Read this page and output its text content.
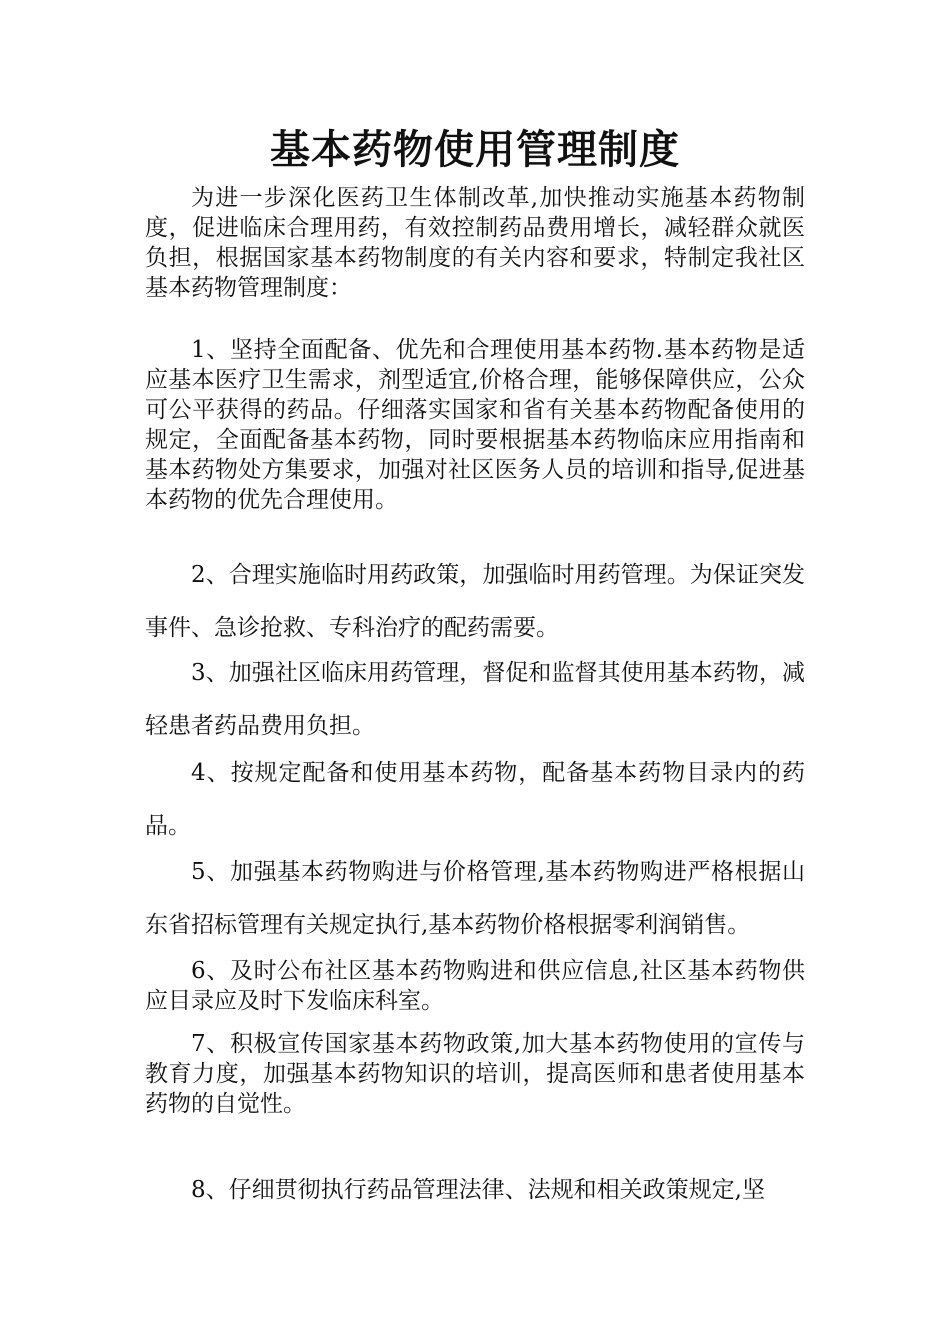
基本药物使用管理制度

为进一步深化医药卫生体制改革,加快推动实施基本药物制度，促进临床合理用药，有效控制药品费用增长，减轻群众就医负担，根据国家基本药物制度的有关内容和要求，特制定我社区基本药物管理制度：

1、坚持全面配备、优先和合理使用基本药物.基本药物是适应基本医疗卫生需求，剂型适宜,价格合理，能够保障供应，公众可公平获得的药品。仔细落实国家和省有关基本药物配备使用的规定，全面配备基本药物，同时要根据基本药物临床应用指南和基本药物处方集要求，加强对社区医务人员的培训和指导,促进基本药物的优先合理使用。

2、合理实施临时用药政策，加强临时用药管理。为保证突发事件、急诊抢救、专科治疗的配药需要。

3、加强社区临床用药管理，督促和监督其使用基本药物，减轻患者药品费用负担。

4、按规定配备和使用基本药物，配备基本药物目录内的药品。

5、加强基本药物购进与价格管理,基本药物购进严格根据山东省招标管理有关规定执行,基本药物价格根据零利润销售。

6、及时公布社区基本药物购进和供应信息,社区基本药物供应目录应及时下发临床科室。

7、积极宣传国家基本药物政策,加大基本药物使用的宣传与教育力度，加强基本药物知识的培训，提高医师和患者使用基本药物的自觉性。

8、仔细贯彻执行药品管理法律、法规和相关政策规定,坚
